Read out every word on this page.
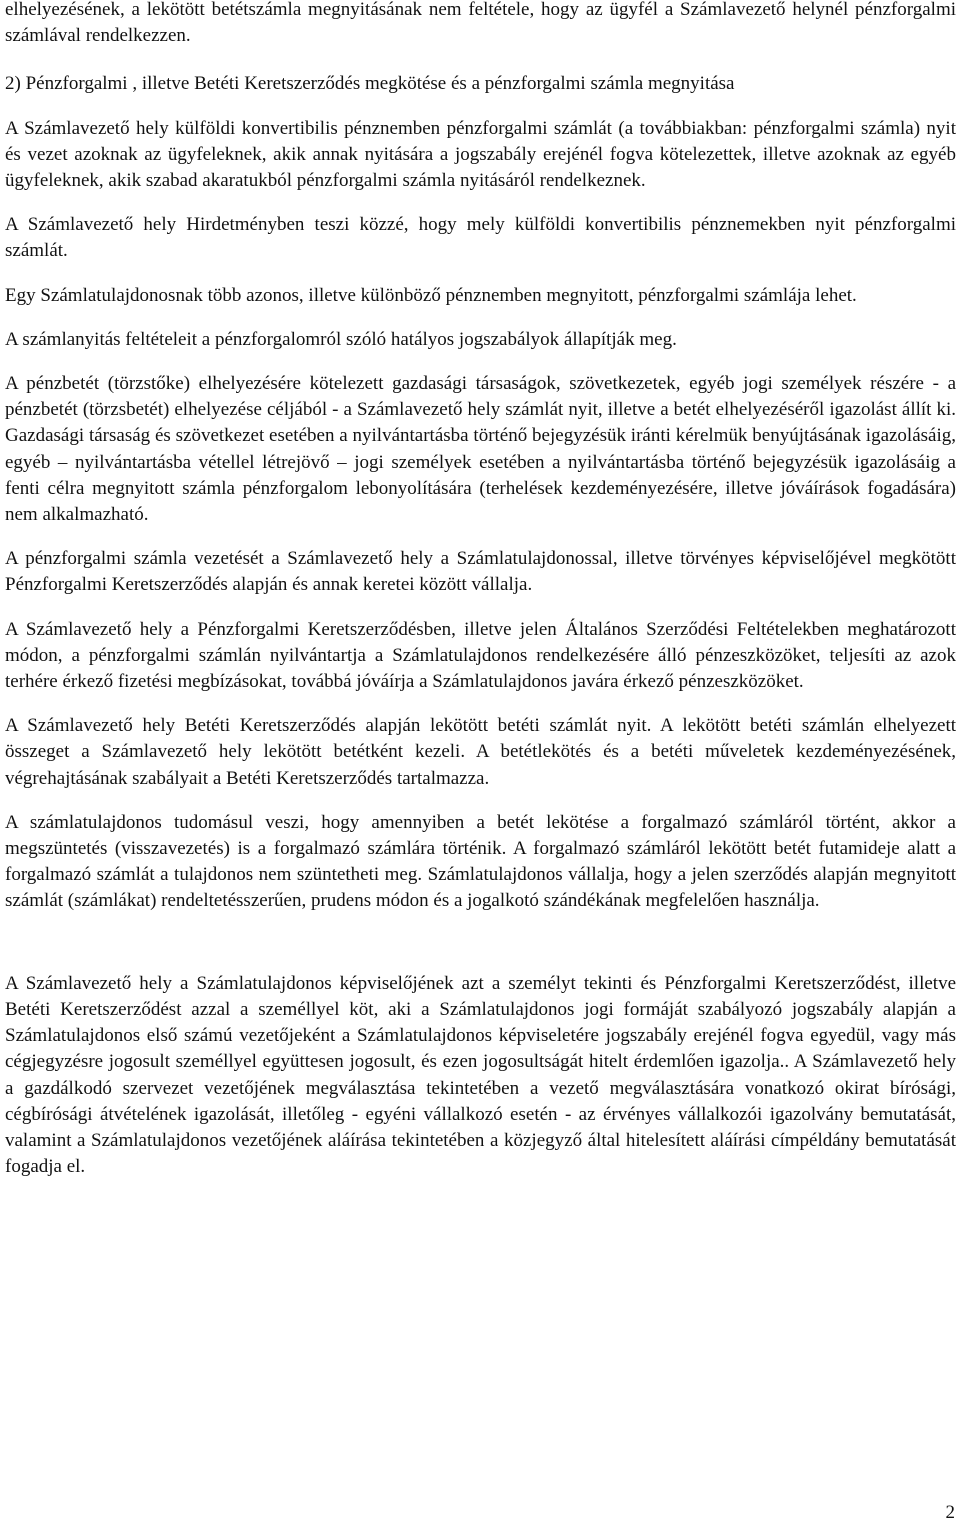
elhelyezésének, a lekötött betétszámla megnyitásának nem feltétele, hogy az ügyfél a Számlavezető helynél pénzforgalmi számlával rendelkezzen.

2) Pénzforgalmi , illetve Betéti Keretszerződés megkötése és a pénzforgalmi számla megnyitása

A Számlavezető hely külföldi konvertibilis pénznemben pénzforgalmi számlát (a továbbiakban: pénzforgalmi számla) nyit és vezet azoknak az ügyfeleknek, akik annak nyitására a jogszabály erejénél fogva kötelezettek, illetve azoknak az egyéb ügyfeleknek, akik szabad akaratukból pénzforgalmi számla nyitásáról rendelkeznek.

A Számlavezető hely Hirdetményben teszi közzé, hogy mely külföldi konvertibilis pénznemekben nyit pénzforgalmi számlát.

Egy Számlatulajdonosnak több azonos, illetve különböző pénznemben megnyitott, pénzforgalmi számlája lehet.

A számlanyitás feltételeit a pénzforgalomról szóló hatályos jogszabályok állapítják meg.

A pénzbetét (törzstőke) elhelyezésére kötelezett gazdasági társaságok, szövetkezetek, egyéb jogi személyek részére - a pénzbetét (törzsbetét) elhelyezése céljából - a Számlavezető hely számlát nyit, illetve a betét elhelyezéséről igazolást állít ki. Gazdasági társaság és szövetkezet esetében a nyilvántartásba történő bejegyzésük iránti kérelmük benyújtásának igazolásáig, egyéb – nyilvántartásba vétellel létrejövő – jogi személyek esetében a nyilvántartásba történő bejegyzésük igazolásáig a fenti célra megnyitott számla pénzforgalom lebonyolítására (terhelések kezdeményezésére, illetve jóváírások fogadására) nem alkalmazható.

A pénzforgalmi számla vezetését a Számlavezető hely a Számlatulajdonossal, illetve törvényes képviselőjével megkötött Pénzforgalmi Keretszerződés alapján és annak keretei között vállalja.

A Számlavezető hely a Pénzforgalmi Keretszerződésben, illetve jelen Általános Szerződési Feltételekben meghatározott módon, a pénzforgalmi számlán nyilvántartja a Számlatulajdonos rendelkezésére álló pénzeszközöket, teljesíti az azok terhére érkező fizetési megbízásokat, továbbá jóváírja a Számlatulajdonos javára érkező pénzeszközöket.

A Számlavezető hely Betéti Keretszerződés alapján lekötött betéti számlát nyit. A lekötött betéti számlán elhelyezett összeget a Számlavezető hely lekötött betétként kezeli. A betétlekötés és a betéti műveletek kezdeményezésének, végrehajtásának szabályait a Betéti Keretszerződés tartalmazza.

A számlatulajdonos tudomásul veszi, hogy amennyiben a betét lekötése a forgalmazó számláról történt, akkor a megszüntetés (visszavezetés) is a forgalmazó számlára történik. A forgalmazó számláról lekötött betét futamideje alatt a forgalmazó számlát a tulajdonos nem szüntetheti meg. Számlatulajdonos vállalja, hogy a jelen szerződés alapján megnyitott számlát (számlákat) rendeltetésszerűen, prudens módon és a jogalkotó szándékának megfelelően használja.

A Számlavezető hely a Számlatulajdonos képviselőjének azt a személyt tekinti és Pénzforgalmi Keretszerződést, illetve Betéti Keretszerződést azzal a személlyel köt, aki a Számlatulajdonos jogi formáját szabályozó jogszabály alapján a Számlatulajdonos első számú vezetőjeként a Számlatulajdonos képviseletére jogszabály erejénél fogva egyedül, vagy más cégjegyzésre jogosult személlyel együttesen jogosult, és ezen jogosultságát hitelt érdemlően igazolja.. A Számlavezető hely a gazdálkodó szervezet vezetőjének megválasztása tekintetében a vezető megválasztására vonatkozó okirat bírósági, cégbírósági átvételének igazolását, illetőleg - egyéni vállalkozó esetén - az érvényes vállalkozói igazolvány bemutatását, valamint a Számlatulajdonos vezetőjének aláírása tekintetében a közjegyző által hitelesített aláírási címpéldány bemutatását fogadja el.

2
